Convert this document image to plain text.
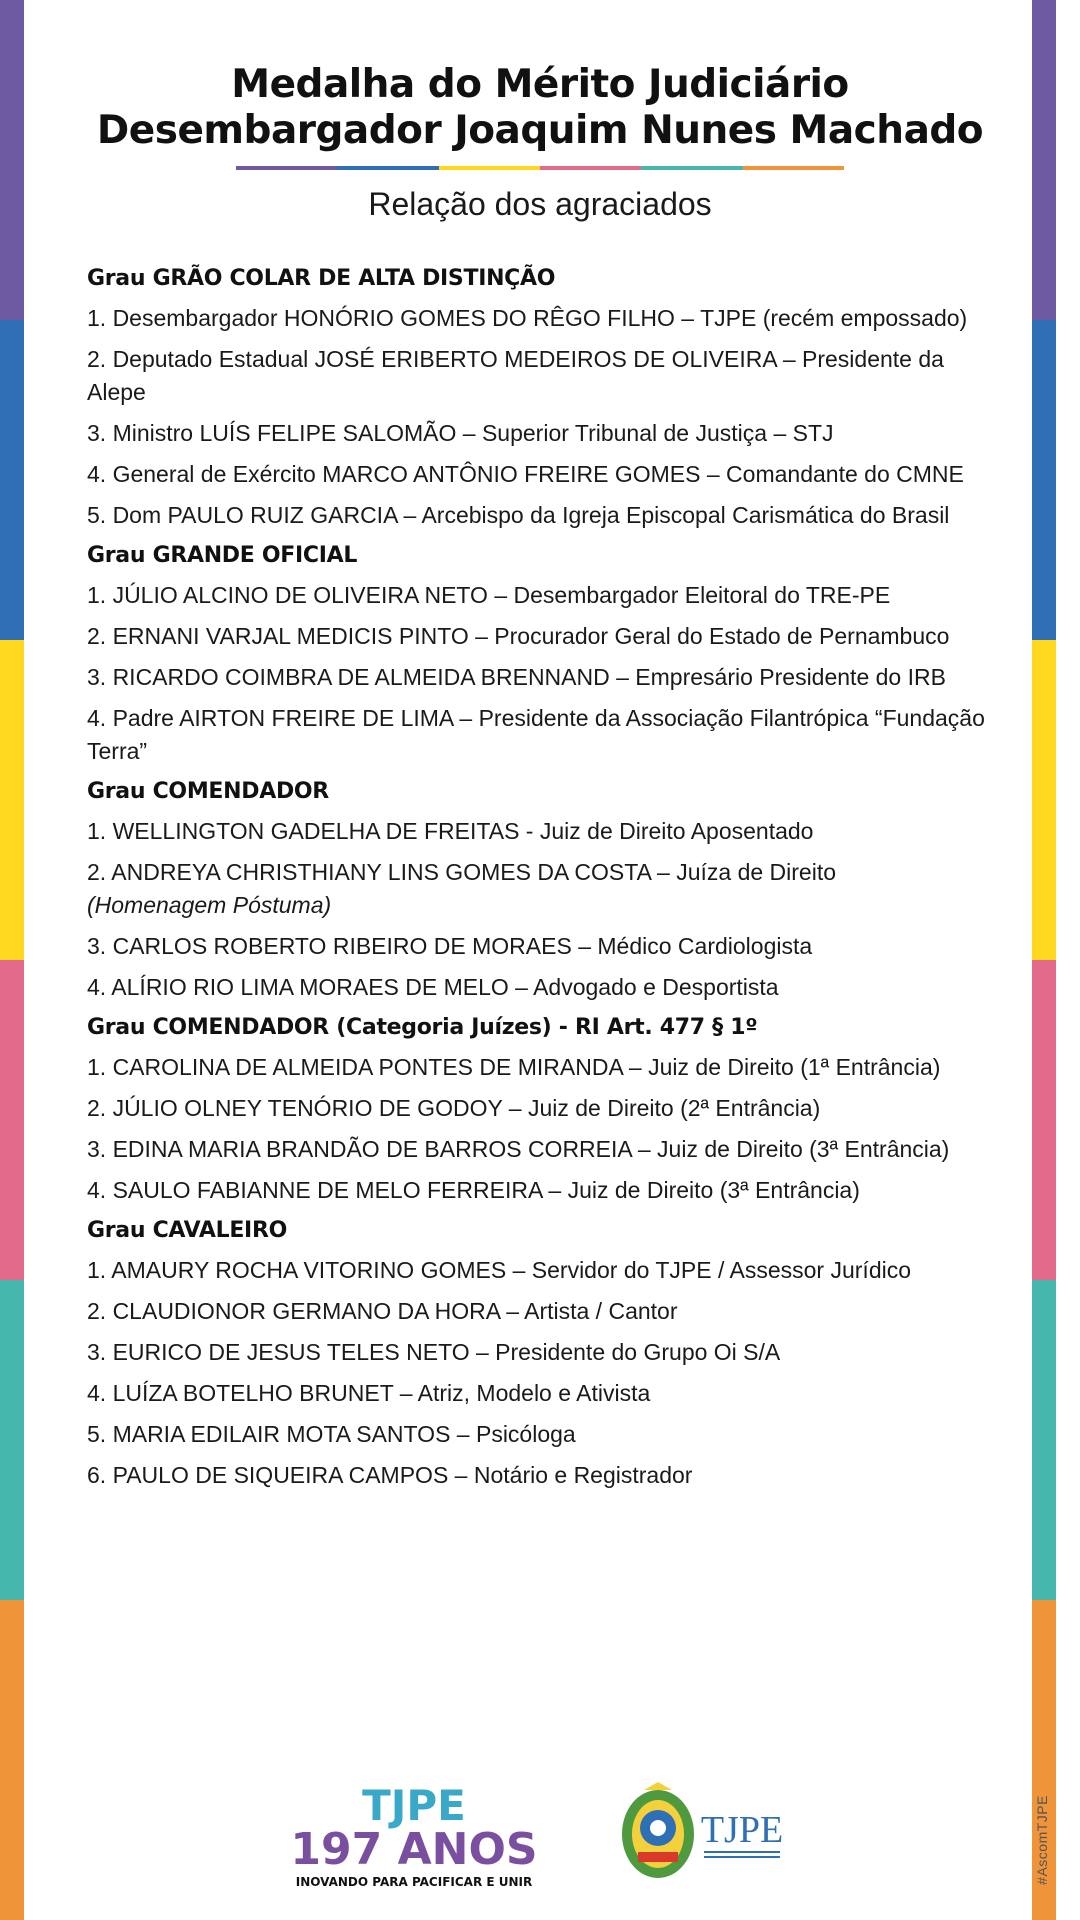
Medalha do Mérito Judiciário
Desembargador Joaquim Nunes Machado
Relação dos agraciados
Grau GRÃO COLAR DE ALTA DISTINÇÃO

1. Desembargador HONÓRIO GOMES DO RÊGO FILHO – TJPE (recém empossado)

2. Deputado Estadual JOSÉ ERIBERTO MEDEIROS DE OLIVEIRA – Presidente da Alepe

3. Ministro LUÍS FELIPE SALOMÃO – Superior Tribunal de Justiça – STJ

4. General de Exército MARCO ANTÔNIO FREIRE GOMES – Comandante do CMNE

5. Dom PAULO RUIZ GARCIA – Arcebispo da Igreja Episcopal Carismática do Brasil

Grau GRANDE OFICIAL

1. JÚLIO ALCINO DE OLIVEIRA NETO – Desembargador Eleitoral do TRE-PE

2. ERNANI VARJAL MEDICIS PINTO – Procurador Geral do Estado de Pernambuco

3. RICARDO COIMBRA DE ALMEIDA BRENNAND – Empresário Presidente do IRB

4. Padre AIRTON FREIRE DE LIMA – Presidente da Associação Filantrópica “Fundação Terra”

Grau COMENDADOR

1. WELLINGTON GADELHA DE FREITAS - Juiz de Direito Aposentado

2. ANDREYA CHRISTHIANY LINS GOMES DA COSTA – Juíza de Direito
(Homenagem Póstuma)

3. CARLOS ROBERTO RIBEIRO DE MORAES – Médico Cardiologista

4. ALÍRIO RIO LIMA MORAES DE MELO – Advogado e Desportista

Grau COMENDADOR (Categoria Juízes) - RI Art. 477 § 1º

1. CAROLINA DE ALMEIDA PONTES DE MIRANDA – Juiz de Direito (1ª Entrância)

2. JÚLIO OLNEY TENÓRIO DE GODOY – Juiz de Direito (2ª Entrância)

3. EDINA MARIA BRANDÃO DE BARROS CORREIA – Juiz de Direito (3ª Entrância)

4. SAULO FABIANNE DE MELO FERREIRA – Juiz de Direito (3ª Entrância)

Grau CAVALEIRO

1. AMAURY ROCHA VITORINO GOMES – Servidor do TJPE / Assessor Jurídico

2. CLAUDIONOR GERMANO DA HORA – Artista / Cantor

3. EURICO DE JESUS TELES NETO – Presidente do Grupo Oi S/A

4. LUÍZA BOTELHO BRUNET – Atriz, Modelo e Ativista

5. MARIA EDILAIR MOTA SANTOS – Psicóloga

6. PAULO DE SIQUEIRA CAMPOS – Notário e Registrador

TJPE
197 ANOS
INOVANDO PARA PACIFICAR E UNIR
TJPE	#AscomTJPE
